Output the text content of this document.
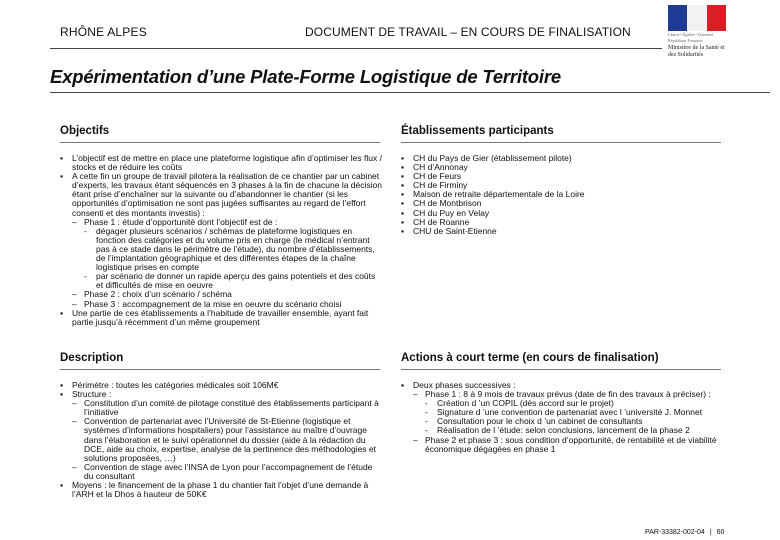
RHÔNE ALPES	DOCUMENT DE TRAVAIL – EN COURS DE FINALISATION	Liberté • Égalité • Fraternité
République Française
Ministère de la Santé et des Solidarités
Expérimentation d’une Plate-Forme Logistique de Territoire
Objectifs
▪	L’objectif est de mettre en place une plateforme logistique afin d’optimiser les flux / stocks et de réduire les coûts
▪	A cette fin un groupe de travail pilotera la réalisation de ce chantier par un cabinet d’experts, les travaux étant séquencés en 3 phases à la fin de chacune la décision étant prise d’enchaîner sur la suivante ou d’abandonner le chantier (si les opportunités d’optimisation ne sont pas jugées suffisantes au regard de l’effort consenti et des montants investis) :
– Phase 1 : étude d’opportunité dont l’objectif est de :
-	dégager plusieurs scénarios / schémas de plateforme logistiques en fonction des catégories et du volume pris en charge (le médical n’entrant pas à ce stade dans le périmètre de l’étude), du nombre d’établissements, de l’implantation géographique et des différentes étapes de la chaîne logistique prises en compte
-	par scénario de donner un rapide aperçu des gains potentiels et des coûts et difficultés de mise en oeuvre
– Phase 2 : choix d’un scénario / schéma
– Phase 3 : accompagnement de la mise en oeuvre du scénario choisi
▪	Une partie de ces établissements a l’habitude de travailler ensemble, ayant fait partie jusqu’à récemment d’un même groupement
Établissements participants
▪	CH du Pays de Gier (établissement pilote)
▪	CH d’Annonay
▪	CH de Feurs
▪	CH de Firminy
▪	Maison de retraite départementale de la Loire
▪	CH de Montbrison
▪	CH du Puy en Velay
▪	CH de Roanne
▪	CHU de Saint-Etienne
Description
▪	Périmètre : toutes les catégories médicales soit 106M€
▪	Structure :
– Constitution d’un comité de pilotage constitué des établissements participant à l’initiative
– Convention de partenariat avec l’Université de St-Etienne (logistique et systèmes d’informations hospitaliers) pour l’assistance au maître d’ouvrage dans l’élaboration et le suivi opérationnel du dossier (aide à la rédaction du DCE, aide au choix, expertise, analyse de la pertinence des méthodologies et solutions proposées, …)
– Convention de stage avec l’INSA de Lyon pour l’accompagnement de l’étude du consultant
▪	Moyens : le financement de la phase 1 du chantier fait l’objet d’une demande à l’ARH et la Dhos à hauteur de 50K€
Actions à court terme (en cours de finalisation)
▪	Deux phases successives :
– Phase 1 : 8 à 9 mois de travaux prévus (date de fin des travaux à préciser) :
-	Création d ’un COPIL (dès accord sur le projet)
-	Signature d ’une convention de partenariat avec l ’université J. Monnet
-	Consultation pour le choix d ’un cabinet de consultants
-	Réalisation de l ’étude: selon conclusions, lancement de la phase 2
– Phase 2 et phase 3 : sous condition d’opportunité, de rentabilité et de viabilité économique dégagées en phase 1
PAR-33382-002-04 | 60
